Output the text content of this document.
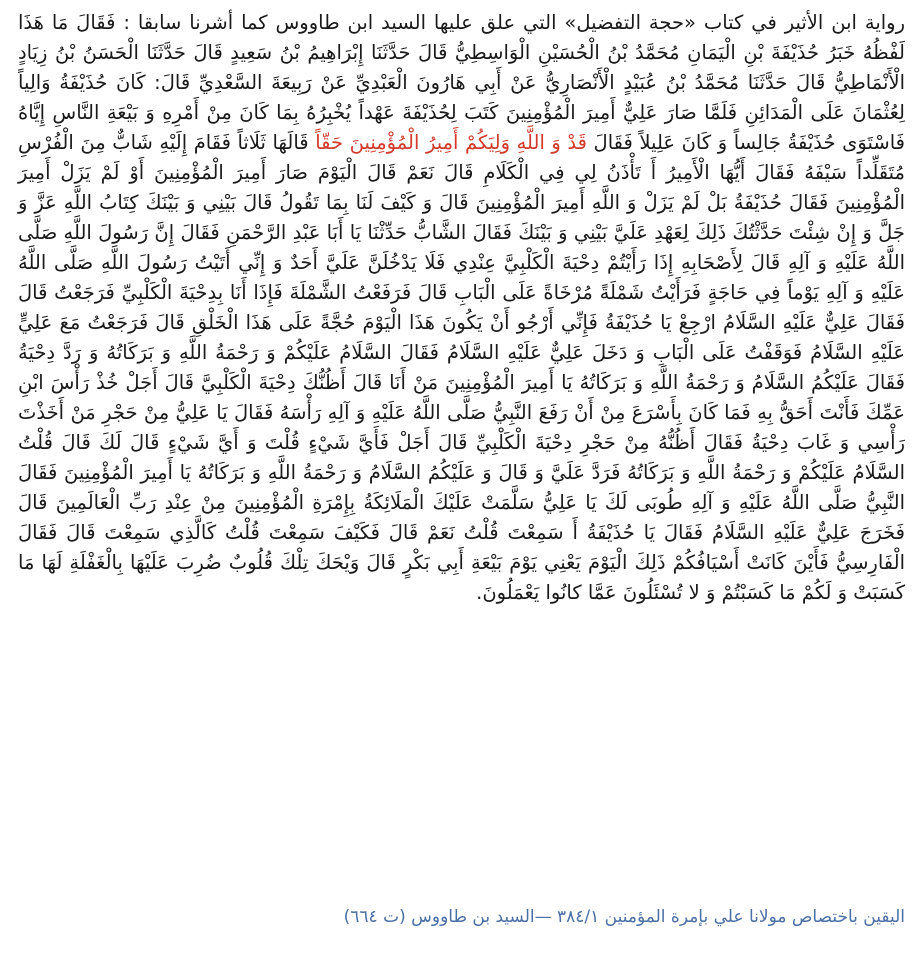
رواية ابن الأثير في كتاب «حجة التفضيل» التي علق عليها السيد ابن طاووس كما أشرنا سابقا : فَقَالَ مَا هَذَا لَفْظُهُ خَبَرُ حُذَيْفَةَ بْنِ الْيَمَانِ مُحَمَّدُ بْنُ الْحُسَيْنِ الْوَاسِطِيُّ قَالَ حَدَّثَنَا إِبْرَاهِيمُ بْنُ سَعِيدٍ قَالَ حَدَّثَنَا الْحَسَنُ بْنُ زِيَادٍ الْأَنْمَاطِيُّ قَالَ حَدَّثَنَا مُحَمَّدُ بْنُ عُبَيْدٍ الْأَنْصَارِيُّ عَنْ أَبِي هَارُونَ الْعَبْدِيِّ عَنْ رَبِيعَةَ السَّعْدِيِّ قَالَ: كَانَ حُذَيْفَةُ وَالِياً لِعُثْمَانَ عَلَى الْمَدَائِنِ فَلَمَّا صَارَ عَلِيٌّ أَمِيرَ الْمُؤْمِنِينَ كَتَبَ لِحُذَيْفَةَ عَهْداً يُخْبِرُهُ بِمَا كَانَ مِنْ أَمْرِهِ وَ بَيْعَةِ النَّاسِ إِيَّاهُ فَاسْتَوَى حُذَيْفَةُ جَالِساً وَ كَانَ عَلِيلاً فَقَالَ قَدْ وَ اللَّهِ وَلِيَكُمْ أَمِيرُ الْمُؤْمِنِينَ حَقّاً قَالَهَا ثَلَاثاً فَقَامَ إِلَيْهِ شَابٌّ مِنَ الْفُرْسِ مُتَقَلِّداً سَيْفَهُ فَقَالَ أَيُّهَا الْأَمِيرُ أَ تَأْذَنُ لِي فِي الْكَلَامِ قَالَ نَعَمْ قَالَ الْيَوْمَ صَارَ أَمِيرَ الْمُؤْمِنِينَ أَوْ لَمْ يَزَلْ أَمِيرَ الْمُؤْمِنِينَ فَقَالَ حُذَيْفَةُ بَلْ لَمْ يَزَلْ وَ اللَّهِ أَمِيرَ الْمُؤْمِنِينَ قَالَ وَ كَيْفَ لَنَا بِمَا تَقُولُ قَالَ بَيْنِي وَ بَيْنَكَ كِتَابُ اللَّهِ عَزَّ وَ جَلَّ وَ إِنْ شِئْتَ حَدَّثْتُكَ ذَلِكَ لِعَهْدِ عَلَيَّ بَيْنِي وَ بَيْنَكَ فَقَالَ الشَّابُّ حَدِّثْنَا يَا أَبَا عَبْدِ الرَّحْمَنِ فَقَالَ إِنَّ رَسُولَ اللَّهِ صَلَّى اللَّهُ عَلَيْهِ وَ آلِهِ قَالَ لِأَصْحَابِهِ إِذَا رَأَيْتُمْ دِحْيَةَ الْكَلْبِيَّ عِنْدِي فَلَا يَدْخُلَنَّ عَلَيَّ أَحَدٌ وَ إِنِّي أَتَيْتُ رَسُولَ اللَّهِ صَلَّى اللَّهُ عَلَيْهِ وَ آلِهِ يَوْماً فِي حَاجَةٍ فَرَأَيْتُ شَمْلَةً مُرْخَاةً عَلَى الْبَابِ قَالَ فَرَفَعْتُ الشَّمْلَةَ فَإِذَا أَنَا بِدِحْيَةَ الْكَلْبِيِّ فَرَجَعْتُ قَالَ فَقَالَ عَلِيٌّ عَلَيْهِ السَّلَامُ ارْجِعْ يَا حُذَيْفَةُ فَإِنِّي أَرْجُو أَنْ يَكُونَ هَذَا الْيَوْمَ حُجَّةً عَلَى هَذَا الْخَلْقِ قَالَ فَرَجَعْتُ مَعَ عَلِيٍّ عَلَيْهِ السَّلَامُ فَوَقَفْتُ عَلَى الْبَابِ وَ دَخَلَ عَلِيٌّ عَلَيْهِ السَّلَامُ فَقَالَ السَّلَامُ عَلَيْكُمْ وَ رَحْمَةُ اللَّهِ وَ بَرَكَاتُهُ وَ رَدَّ دِحْيَةُ فَقَالَ عَلَيْكُمُ السَّلَامُ وَ رَحْمَةُ اللَّهِ وَ بَرَكَاتُهُ يَا أَمِيرَ الْمُؤْمِنِينَ مَنْ أَنَا قَالَ أَظُنُّكَ دِحْيَةَ الْكَلْبِيَّ قَالَ أَجَلْ خُذْ رَأْسَ ابْنِ عَمِّكَ فَأَنْتَ أَحَقُّ بِهِ فَمَا كَانَ بِأَسْرَعَ مِنْ أَنْ رَفَعَ النَّبِيُّ صَلَّى اللَّهُ عَلَيْهِ وَ آلِهِ رَأْسَهُ فَقَالَ يَا عَلِيُّ مِنْ حَجْرِ مَنْ أَخَذْتَ رَأْسِي وَ غَابَ دِحْيَةُ فَقَالَ أَظُنُّهُ مِنْ حَجْرِ دِحْيَةَ الْكَلْبِيِّ قَالَ أَجَلْ فَأَيَّ شَيْءٍ قُلْتَ وَ أَيَّ شَيْءٍ قَالَ لَكَ قَالَ قُلْتُ السَّلَامُ عَلَيْكُمْ وَ رَحْمَةُ اللَّهِ وَ بَرَكَاتُهُ فَرَدَّ عَلَيَّ وَ قَالَ وَ عَلَيْكُمُ السَّلَامُ وَ رَحْمَةُ اللَّهِ وَ بَرَكَاتُهُ يَا أَمِيرَ الْمُؤْمِنِينَ فَقَالَ النَّبِيُّ صَلَّى اللَّهُ عَلَيْهِ وَ آلِهِ طُوبَى لَكَ يَا عَلِيُّ سَلَّمَتْ عَلَيْكَ الْمَلَائِكَةُ بِإِمْرَةِ الْمُؤْمِنِينَ مِنْ عِنْدِ رَبِّ الْعَالَمِينَ قَالَ فَخَرَجَ عَلِيٌّ عَلَيْهِ السَّلَامُ فَقَالَ يَا حُذَيْفَةُ أَ سَمِعْتَ قُلْتُ نَعَمْ قَالَ فَكَيْفَ سَمِعْتَ قُلْتُ كَالَّذِي سَمِعْتَ قَالَ فَقَالَ الْفَارِسِيُّ فَأَيْنَ كَانَتْ أَسْيَافُكُمْ ذَلِكَ الْيَوْمَ يَعْنِي يَوْمَ بَيْعَةِ أَبِي بَكْرٍ قَالَ وَيْحَكَ تِلْكَ قُلُوبٌ ضُرِبَ عَلَيْهَا بِالْغَفْلَةِ لَهَا مَا كَسَبَتْ وَ لَكُمْ مَا كَسَبْتُمْ وَ لا تُسْئَلُونَ عَمَّا كانُوا يَعْمَلُونَ.
اليقين باختصاص مولانا علي بإمرة المؤمنين ٣٨٤/١ —السيد بن طاووس (ت ٦٦٤)
